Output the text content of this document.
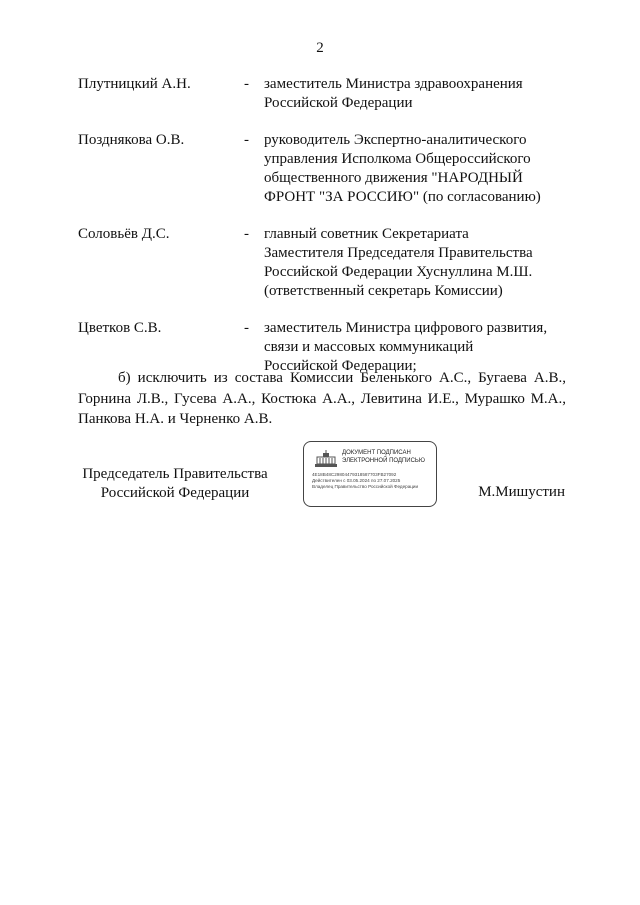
2
Плутницкий А.Н.	-	заместитель Министра здравоохранения
Российской Федерации
Позднякова О.В.	-	руководитель Экспертно-аналитического
управления Исполкома Общероссийского
общественного движения "НАРОДНЫЙ
ФРОНТ "ЗА РОССИЮ" (по согласованию)
Соловьёв Д.С.	-	главный советник Секретариата
Заместителя Председателя Правительства
Российской Федерации Хуснуллина М.Ш.
(ответственный секретарь Комиссии)
Цветков С.В.	-	заместитель Министра цифрового развития,
связи и массовых коммуникаций
Российской Федерации;
б) исключить из состава Комиссии Беленького А.С., Бугаева А.В., Горнина Л.В., Гусева А.А., Костюка А.А., Левитина И.Е., Мурашко М.А., Панкова Н.А. и Черненко А.В.
Председатель Правительства
Российской Федерации
ДОКУМЕНТ ПОДПИСАН
ЭЛЕКТРОННОЙ ПОДПИСЬЮ
4E18B48C29804479318587703FB27092
Действителен с 03.05.2024 по 27.07.2025
Владелец Правительство Российской Федерации	М.Мишустин
